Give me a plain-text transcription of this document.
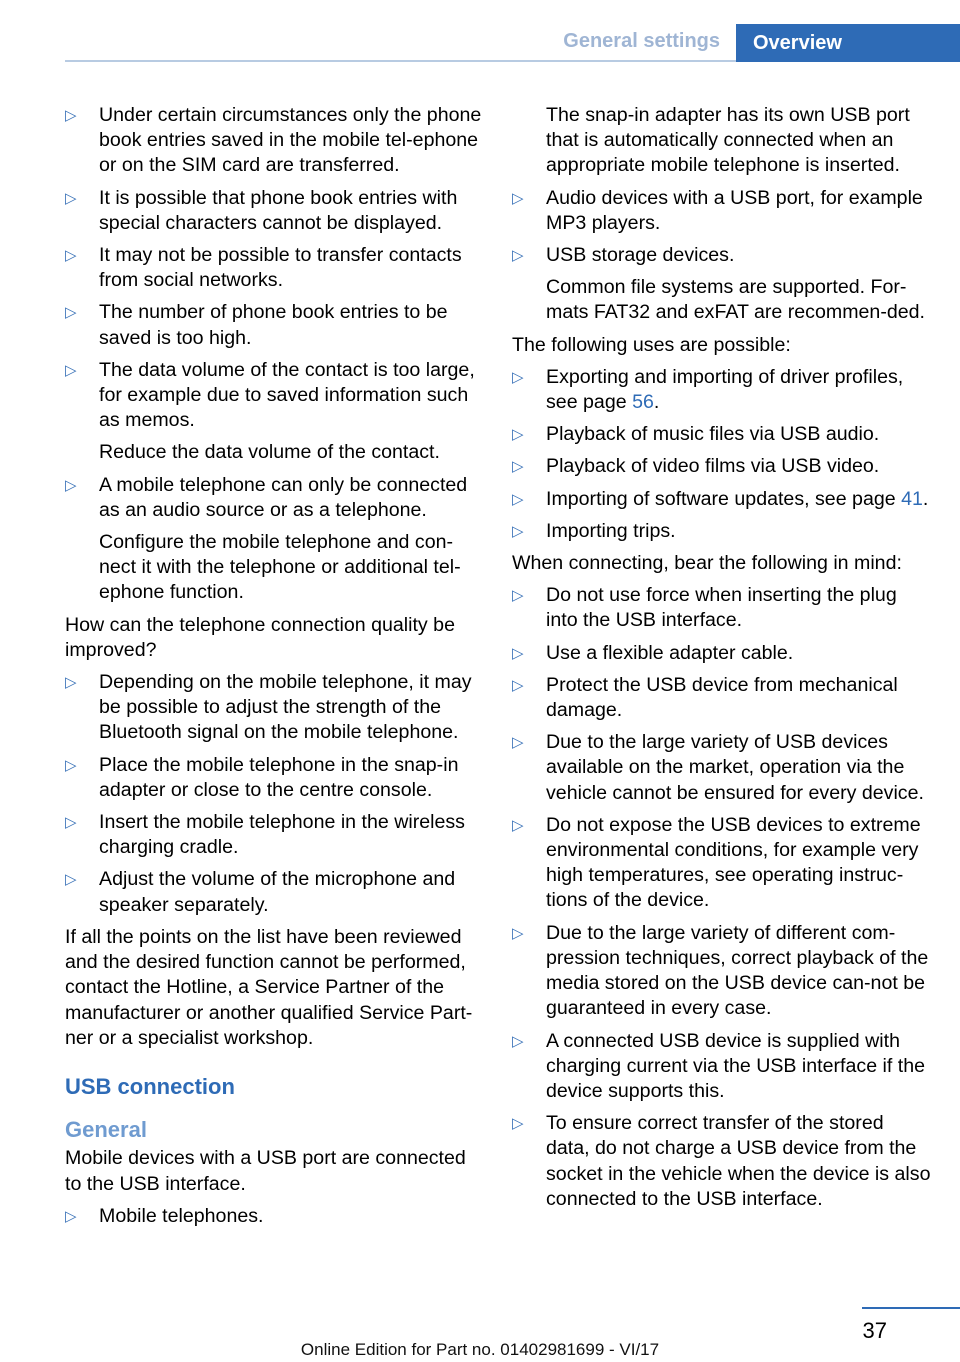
General settings	Overview
▷ Under certain circumstances only the phone book entries saved in the mobile tel‐ephone or on the SIM card are transferred.
▷ It is possible that phone book entries with special characters cannot be displayed.
▷ It may not be possible to transfer contacts from social networks.
▷ The number of phone book entries to be saved is too high.
▷ The data volume of the contact is too large, for example due to saved information such as memos.
Reduce the data volume of the contact.
▷ A mobile telephone can only be connected as an audio source or as a telephone.
Configure the mobile telephone and con‐nect it with the telephone or additional tel‐ephone function.

How can the telephone connection quality be improved?

▷ Depending on the mobile telephone, it may be possible to adjust the strength of the Bluetooth signal on the mobile telephone.
▷ Place the mobile telephone in the snap-in adapter or close to the centre console.
▷ Insert the mobile telephone in the wireless charging cradle.
▷ Adjust the volume of the microphone and speaker separately.

If all the points on the list have been reviewed and the desired function cannot be performed, contact the Hotline, a Service Partner of the manufacturer or another qualified Service Part‐ner or a specialist workshop.

USB connection
General

Mobile devices with a USB port are connected to the USB interface.

▷ Mobile telephones.
The snap-in adapter has its own USB port that is automatically connected when an appropriate mobile telephone is inserted.
▷ Audio devices with a USB port, for example MP3 players.
▷ USB storage devices.
Common file systems are supported. For‐mats FAT32 and exFAT are recommen‐ded.

The following uses are possible:

▷ Exporting and importing of driver profiles, see page 56.
▷ Playback of music files via USB audio.
▷ Playback of video films via USB video.
▷ Importing of software updates, see page 41.
▷ Importing trips.

When connecting, bear the following in mind:

▷ Do not use force when inserting the plug into the USB interface.
▷ Use a flexible adapter cable.
▷ Protect the USB device from mechanical damage.
▷ Due to the large variety of USB devices available on the market, operation via the vehicle cannot be ensured for every device.
▷ Do not expose the USB devices to extreme environmental conditions, for example very high temperatures, see operating instruc‐tions of the device.
▷ Due to the large variety of different com‐pression techniques, correct playback of the media stored on the USB device can‐not be guaranteed in every case.
▷ A connected USB device is supplied with charging current via the USB interface if the device supports this.
▷ To ensure correct transfer of the stored data, do not charge a USB device from the socket in the vehicle when the device is also connected to the USB interface.
37
Online Edition for Part no. 01402981699 - VI/17
